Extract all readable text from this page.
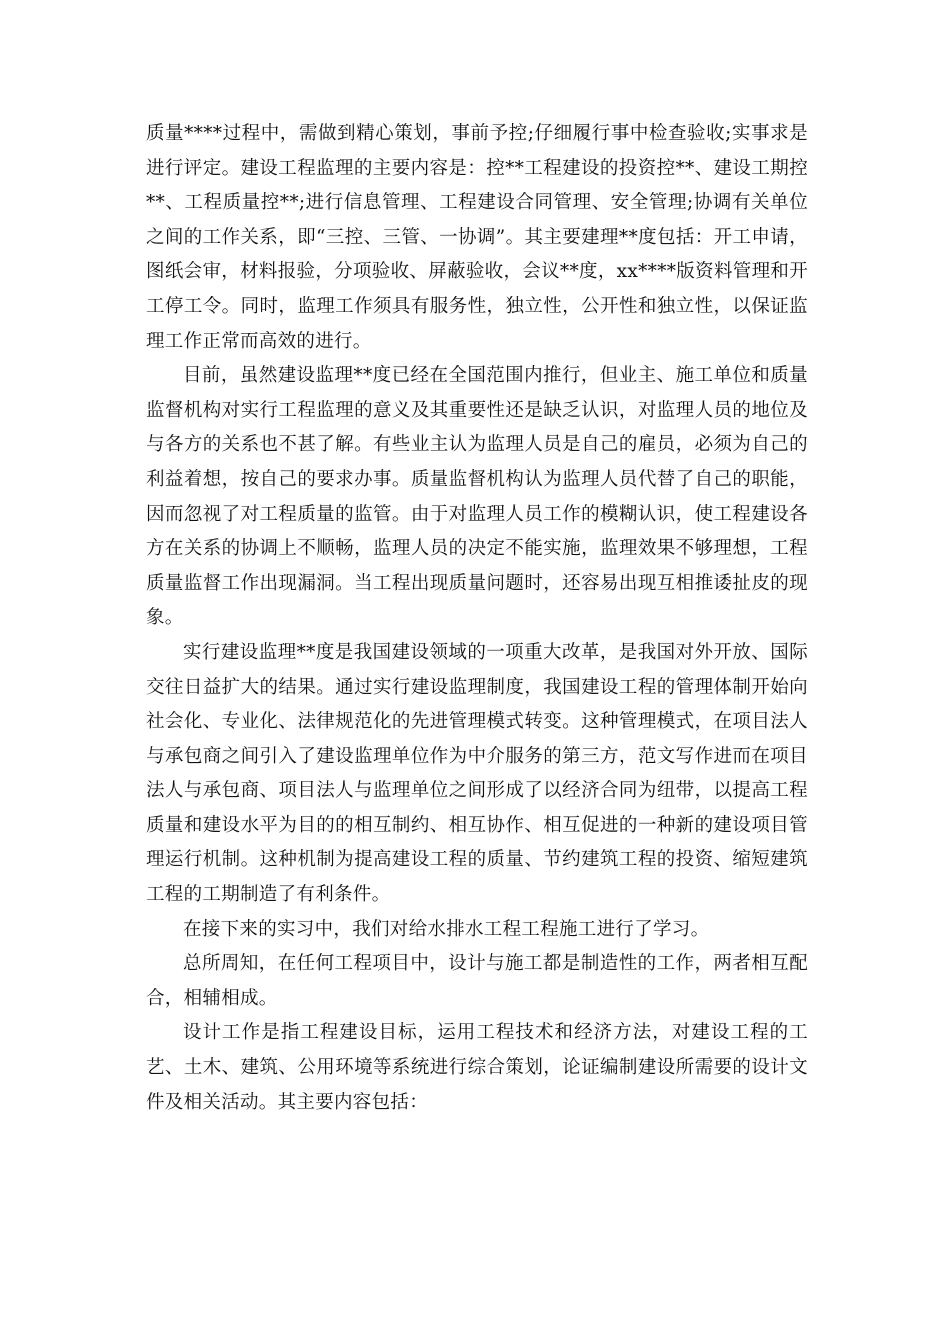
质量****过程中，需做到精心策划，事前予控;仔细履行事中检查验收;实事求是进行评定。建设工程监理的主要内容是：控**工程建设的投资控**、建设工期控**、工程质量控**;进行信息管理、工程建设合同管理、安全管理;协调有关单位之间的工作关系，即“三控、三管、一协调”。其主要建理**度包括：开工申请，图纸会审，材料报验，分项验收、屏蔽验收，会议**度，xx****版资料管理和开工停工令。同时，监理工作须具有服务性，独立性，公开性和独立性，以保证监理工作正常而高效的进行。

目前，虽然建设监理**度已经在全国范围内推行，但业主、施工单位和质量监督机构对实行工程监理的意义及其重要性还是缺乏认识，对监理人员的地位及与各方的关系也不甚了解。有些业主认为监理人员是自己的雇员，必须为自己的利益着想，按自己的要求办事。质量监督机构认为监理人员代替了自己的职能，因而忽视了对工程质量的监管。由于对监理人员工作的模糊认识，使工程建设各方在关系的协调上不顺畅，监理人员的决定不能实施，监理效果不够理想，工程质量监督工作出现漏洞。当工程出现质量问题时，还容易出现互相推诿扯皮的现象。

实行建设监理**度是我国建设领域的一项重大改革，是我国对外开放、国际交往日益扩大的结果。通过实行建设监理制度，我国建设工程的管理体制开始向社会化、专业化、法律规范化的先进管理模式转变。这种管理模式，在项目法人与承包商之间引入了建设监理单位作为中介服务的第三方，范文写作进而在项目法人与承包商、项目法人与监理单位之间形成了以经济合同为纽带，以提高工程质量和建设水平为目的的相互制约、相互协作、相互促进的一种新的建设项目管理运行机制。这种机制为提高建设工程的质量、节约建筑工程的投资、缩短建筑工程的工期制造了有利条件。

在接下来的实习中，我们对给水排水工程工程施工进行了学习。

总所周知，在任何工程项目中，设计与施工都是制造性的工作，两者相互配合，相辅相成。

设计工作是指工程建设目标，运用工程技术和经济方法，对建设工程的工艺、土木、建筑、公用环境等系统进行综合策划，论证编制建设所需要的设计文件及相关活动。其主要内容包括：
